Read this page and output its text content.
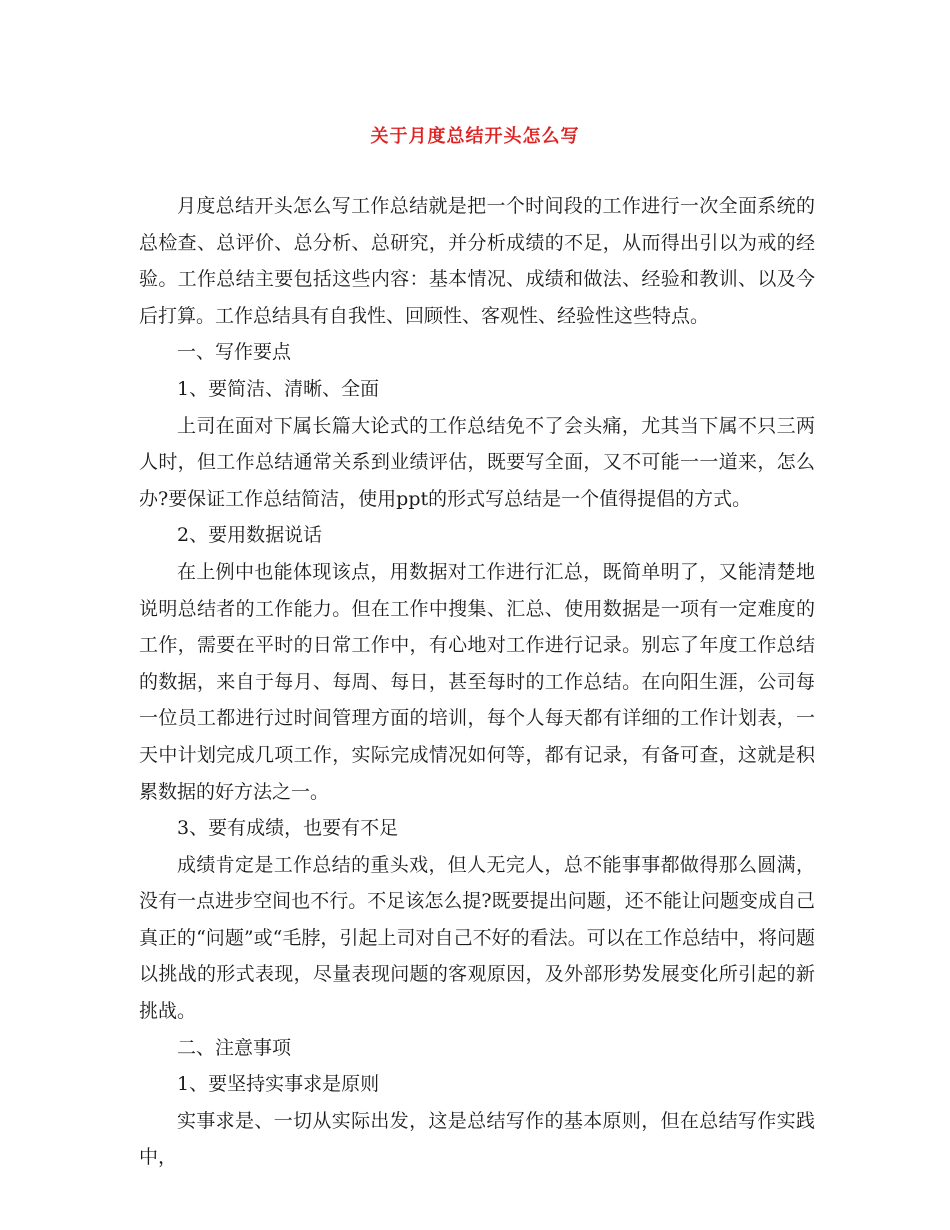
关于月度总结开头怎么写

月度总结开头怎么写工作总结就是把一个时间段的工作进行一次全面系统的总检查、总评价、总分析、总研究，并分析成绩的不足，从而得出引以为戒的经验。工作总结主要包括这些内容：基本情况、成绩和做法、经验和教训、以及今后打算。工作总结具有自我性、回顾性、客观性、经验性这些特点。

一、写作要点

1、要简洁、清晰、全面

上司在面对下属长篇大论式的工作总结免不了会头痛，尤其当下属不只三两人时，但工作总结通常关系到业绩评估，既要写全面，又不可能一一道来，怎么办?要保证工作总结简洁，使用ppt的形式写总结是一个值得提倡的方式。

2、要用数据说话

在上例中也能体现该点，用数据对工作进行汇总，既简单明了，又能清楚地说明总结者的工作能力。但在工作中搜集、汇总、使用数据是一项有一定难度的工作，需要在平时的日常工作中，有心地对工作进行记录。别忘了年度工作总结的数据，来自于每月、每周、每日，甚至每时的工作总结。在向阳生涯，公司每一位员工都进行过时间管理方面的培训，每个人每天都有详细的工作计划表，一天中计划完成几项工作，实际完成情况如何等，都有记录，有备可查，这就是积累数据的好方法之一。

3、要有成绩，也要有不足

成绩肯定是工作总结的重头戏，但人无完人，总不能事事都做得那么圆满，没有一点进步空间也不行。不足该怎么提?既要提出问题，还不能让问题变成自己真正的“问题”或“毛脖，引起上司对自己不好的看法。可以在工作总结中，将问题以挑战的形式表现，尽量表现问题的客观原因，及外部形势发展变化所引起的新挑战。

二、注意事项

1、要坚持实事求是原则

实事求是、一切从实际出发，这是总结写作的基本原则，但在总结写作实践中，
